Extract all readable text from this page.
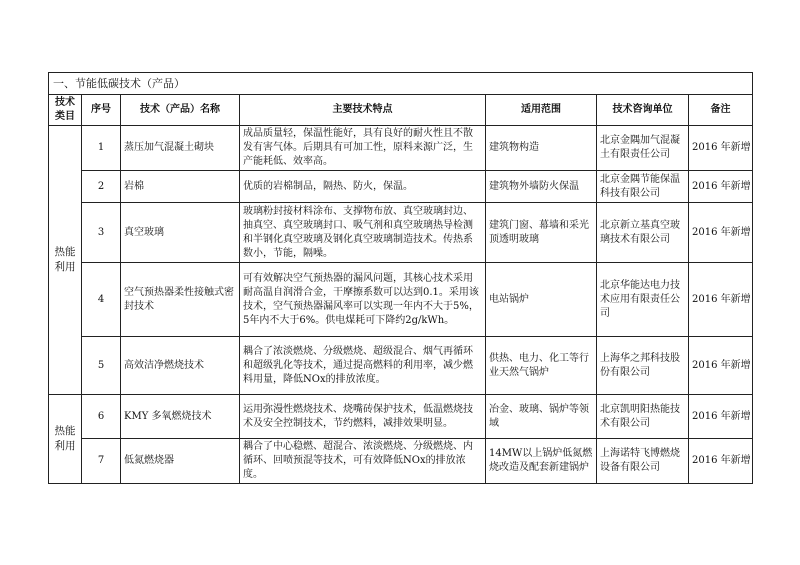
一、节能低碳技术（产品）						
技术类目	序号	技术（产品）名称	主要技术特点	适用范围	技术咨询单位	备注
热能利用	1	蒸压加气混凝土砌块	成品质量轻，保温性能好，具有良好的耐火性且不散发有害气体。后期具有可加工性，原料来源广泛，生产能耗低、效率高。	建筑物构造	北京金隅加气混凝土有限责任公司	2016 年新增
	2	岩棉	优质的岩棉制品，隔热、防火，保温。	建筑物外墙防火保温	北京金隅节能保温科技有限公司	2016 年新增
	3	真空玻璃	玻璃粉封接材料涂布、支撑物布放、真空玻璃封边、抽真空、真空玻璃封口、吸气剂和真空玻璃热导检测和半钢化真空玻璃及钢化真空玻璃制造技术。传热系数小，节能，隔噪。	建筑门窗、幕墙和采光顶透明玻璃	北京新立基真空玻璃技术有限公司	2016 年新增
	4	空气预热器柔性接触式密封技术	可有效解决空气预热器的漏风问题，其核心技术采用耐高温自润滑合金，干摩擦系数可以达到0.1。采用该技术，空气预热器漏风率可以实现一年内不大于5%，5年内不大于6%。供电煤耗可下降约2g/kWh。	电站锅炉	北京华能达电力技术应用有限责任公司	2016 年新增
	5	高效洁净燃烧技术	耦合了浓淡燃烧、分级燃烧、超级混合、烟气再循环和超级乳化等技术，通过提高燃料的利用率，减少燃料用量，降低NOx的排放浓度。	供热、电力、化工等行业天然气锅炉	上海华之邦科技股份有限公司	2016 年新增
热能利用	6	KMY 多氧燃烧技术	运用弥漫性燃烧技术、烧嘴砖保护技术，低温燃烧技术及安全控制技术，节约燃料，减排效果明显。	冶金、玻璃、锅炉等领域	北京凯明阳热能技术有限公司	2016 年新增
	7	低氮燃烧器	耦合了中心稳燃、超混合、浓淡燃烧、分级燃烧、内循环、回喷预混等技术，可有效降低NOx的排放浓度。	14MW以上锅炉低氮燃烧改造及配套新建锅炉	上海诺特飞博燃烧设备有限公司	2016 年新增
